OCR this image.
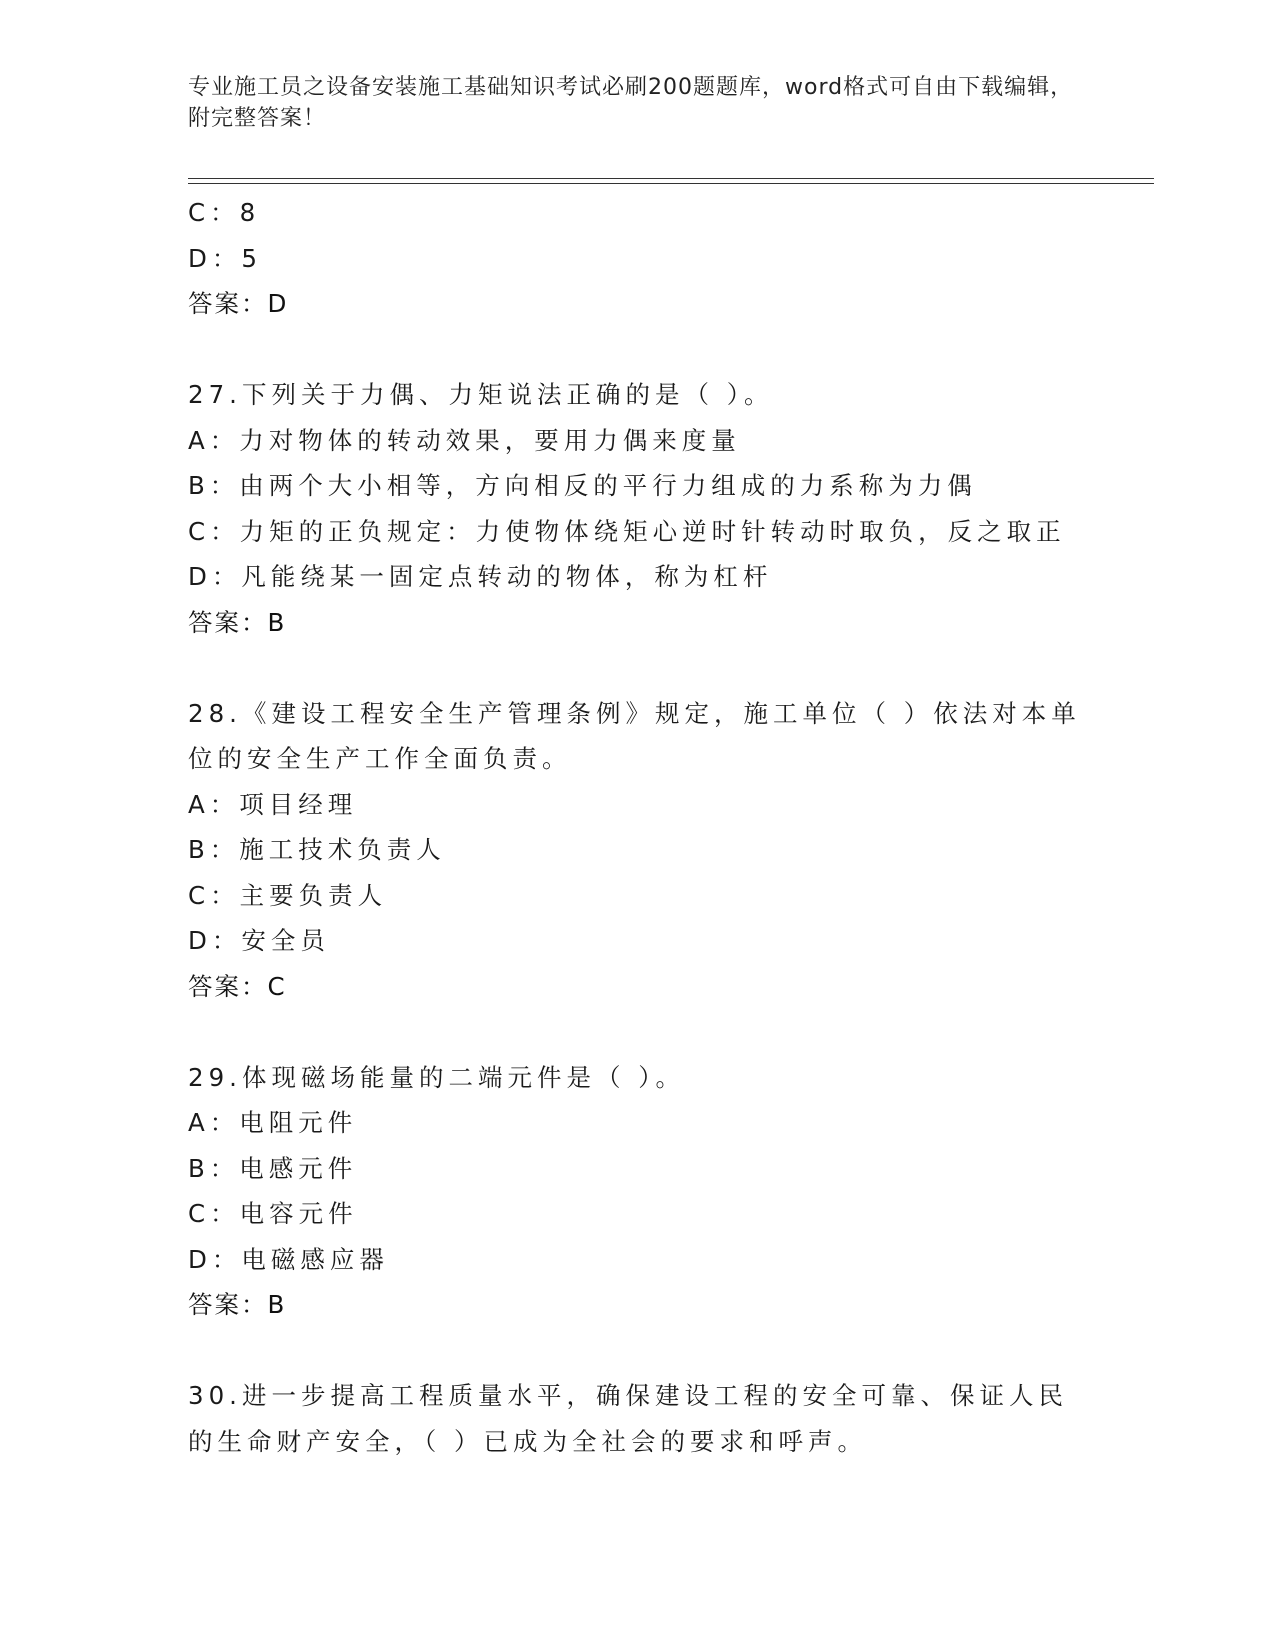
专业施工员之设备安装施工基础知识考试必刷200题题库，word格式可自由下载编辑，附完整答案！
C：8
D：5
答案：D
27.下列关于力偶、力矩说法正确的是（ ）。
A：力对物体的转动效果，要用力偶来度量
B：由两个大小相等，方向相反的平行力组成的力系称为力偶
C：力矩的正负规定：力使物体绕矩心逆时针转动时取负，反之取正
D：凡能绕某一固定点转动的物体，称为杠杆
答案：B
28.《建设工程安全生产管理条例》规定，施工单位（ ）依法对本单位的安全生产工作全面负责。
A：项目经理
B：施工技术负责人
C：主要负责人
D：安全员
答案：C
29.体现磁场能量的二端元件是（ ）。
A：电阻元件
B：电感元件
C：电容元件
D：电磁感应器
答案：B
30.进一步提高工程质量水平，确保建设工程的安全可靠、保证人民的生命财产安全，（ ）已成为全社会的要求和呼声。
